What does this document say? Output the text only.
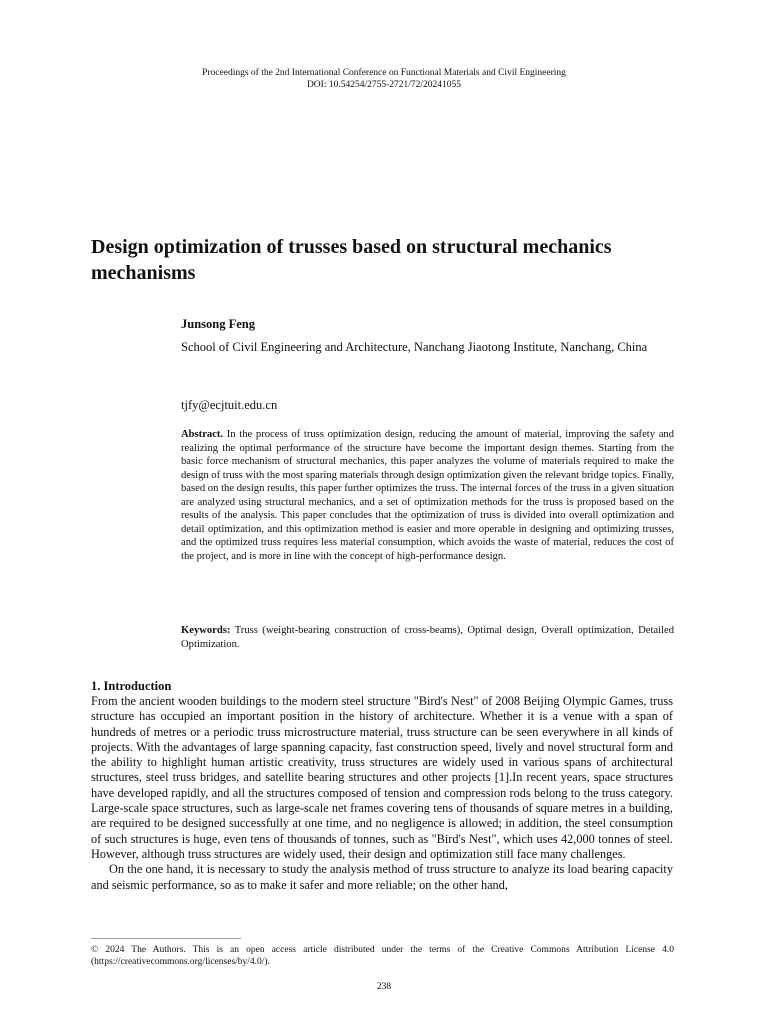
Proceedings of the 2nd International Conference on Functional Materials and Civil Engineering
DOI: 10.54254/2755-2721/72/20241055
Design optimization of trusses based on structural mechanics mechanisms
Junsong Feng
School of Civil Engineering and Architecture, Nanchang Jiaotong Institute, Nanchang, China
tjfy@ecjtuit.edu.cn

Abstract. In the process of truss optimization design, reducing the amount of material, improving the safety and realizing the optimal performance of the structure have become the important design themes. Starting from the basic force mechanism of structural mechanics, this paper analyzes the volume of materials required to make the design of truss with the most sparing materials through design optimization given the relevant bridge topics. Finally, based on the design results, this paper further optimizes the truss. The internal forces of the truss in a given situation are analyzed using structural mechanics, and a set of optimization methods for the truss is proposed based on the results of the analysis. This paper concludes that the optimization of truss is divided into overall optimization and detail optimization, and this optimization method is easier and more operable in designing and optimizing trusses, and the optimized truss requires less material consumption, which avoids the waste of material, reduces the cost of the project, and is more in line with the concept of high-performance design.

Keywords: Truss (weight-bearing construction of cross-beams), Optimal design, Overall optimization, Detailed Optimization.

1. Introduction

From the ancient wooden buildings to the modern steel structure "Bird's Nest" of 2008 Beijing Olympic Games, truss structure has occupied an important position in the history of architecture. Whether it is a venue with a span of hundreds of metres or a periodic truss microstructure material, truss structure can be seen everywhere in all kinds of projects. With the advantages of large spanning capacity, fast construction speed, lively and novel structural form and the ability to highlight human artistic creativity, truss structures are widely used in various spans of architectural structures, steel truss bridges, and satellite bearing structures and other projects [1].In recent years, space structures have developed rapidly, and all the structures composed of tension and compression rods belong to the truss category. Large-scale space structures, such as large-scale net frames covering tens of thousands of square metres in a building, are required to be designed successfully at one time, and no negligence is allowed; in addition, the steel consumption of such structures is huge, even tens of thousands of tonnes, such as "Bird's Nest", which uses 42,000 tonnes of steel. However, although truss structures are widely used, their design and optimization still face many challenges.

On the one hand, it is necessary to study the analysis method of truss structure to analyze its load bearing capacity and seismic performance, so as to make it safer and more reliable; on the other hand,

© 2024 The Authors. This is an open access article distributed under the terms of the Creative Commons Attribution License 4.0 (https://creativecommons.org/licenses/by/4.0/).

238
